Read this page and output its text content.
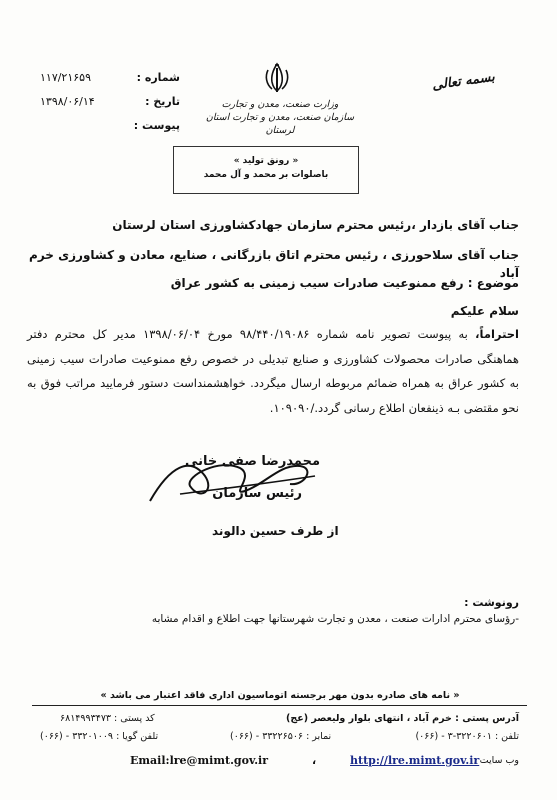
بسمه تعالی
وزارت صنعت، معدن و تجارت
سازمان صنعت، معدن و تجارت استان لرستان
شماره :
۱۱۷/۲۱۶۵۹
تاریخ :
۱۳۹۸/۰۶/۱۴
پیوست :
« رونق تولید »
باصلوات بر محمد و آل محمد
جناب آقای بازدار ،رئیس محترم سازمان جهادکشاورزی استان لرستان
جناب آقای سلاحورزی ، رئیس محترم اتاق بازرگانی ، صنایع، معادن و کشاورزی خرم آباد
موضوع : رفع ممنوعیت صادرات سیب زمینی به کشور عراق
سلام علیکم
احتراماً، به پیوست تصویر نامه شماره ۹۸/۴۴۰/۱۹۰۸۶ مورخ ۱۳۹۸/۰۶/۰۴ مدیر کل محترم دفتر هماهنگی صادرات محصولات کشاورزی و صنایع تبدیلی در خصوص رفع ممنوعیت صادرات سیب زمینی به کشور عراق به همراه ضمائم مربوطه ارسال میگردد. خواهشمنداست دستور فرمایید مراتب فوق به نحو مقتضی بـه ذینفعان اطلاع رسانی گردد./۱۰۹۰۹۰.
محمدرضا صفی خانی
رئیس سازمان
از طرف حسین دالوند
رونوشت :
-رؤسای محترم ادارات صنعت ، معدن و تجارت شهرستانها جهت اطلاع و اقدام مشابه
« نامه های صادره بدون مهر برجسته اتوماسیون اداری فاقد اعتبار می باشد »
آدرس پستی : خرم آباد ، انتهای بلوار ولیعصر (عج)
کد پستی : ۶۸۱۴۹۹۳۴۷۳
تلفن : ۳۲۲۰۶۰۱-۳ - (۰۶۶)
نمابر : ۳۳۲۲۶۵۰۶ - (۰۶۶)
تلفن گویا : ۳۳۲۰۱۰۰۹ - (۰۶۶)
وب سایت :
http://lre.mimt.gov.ir
،
Email:lre@mimt.gov.ir
